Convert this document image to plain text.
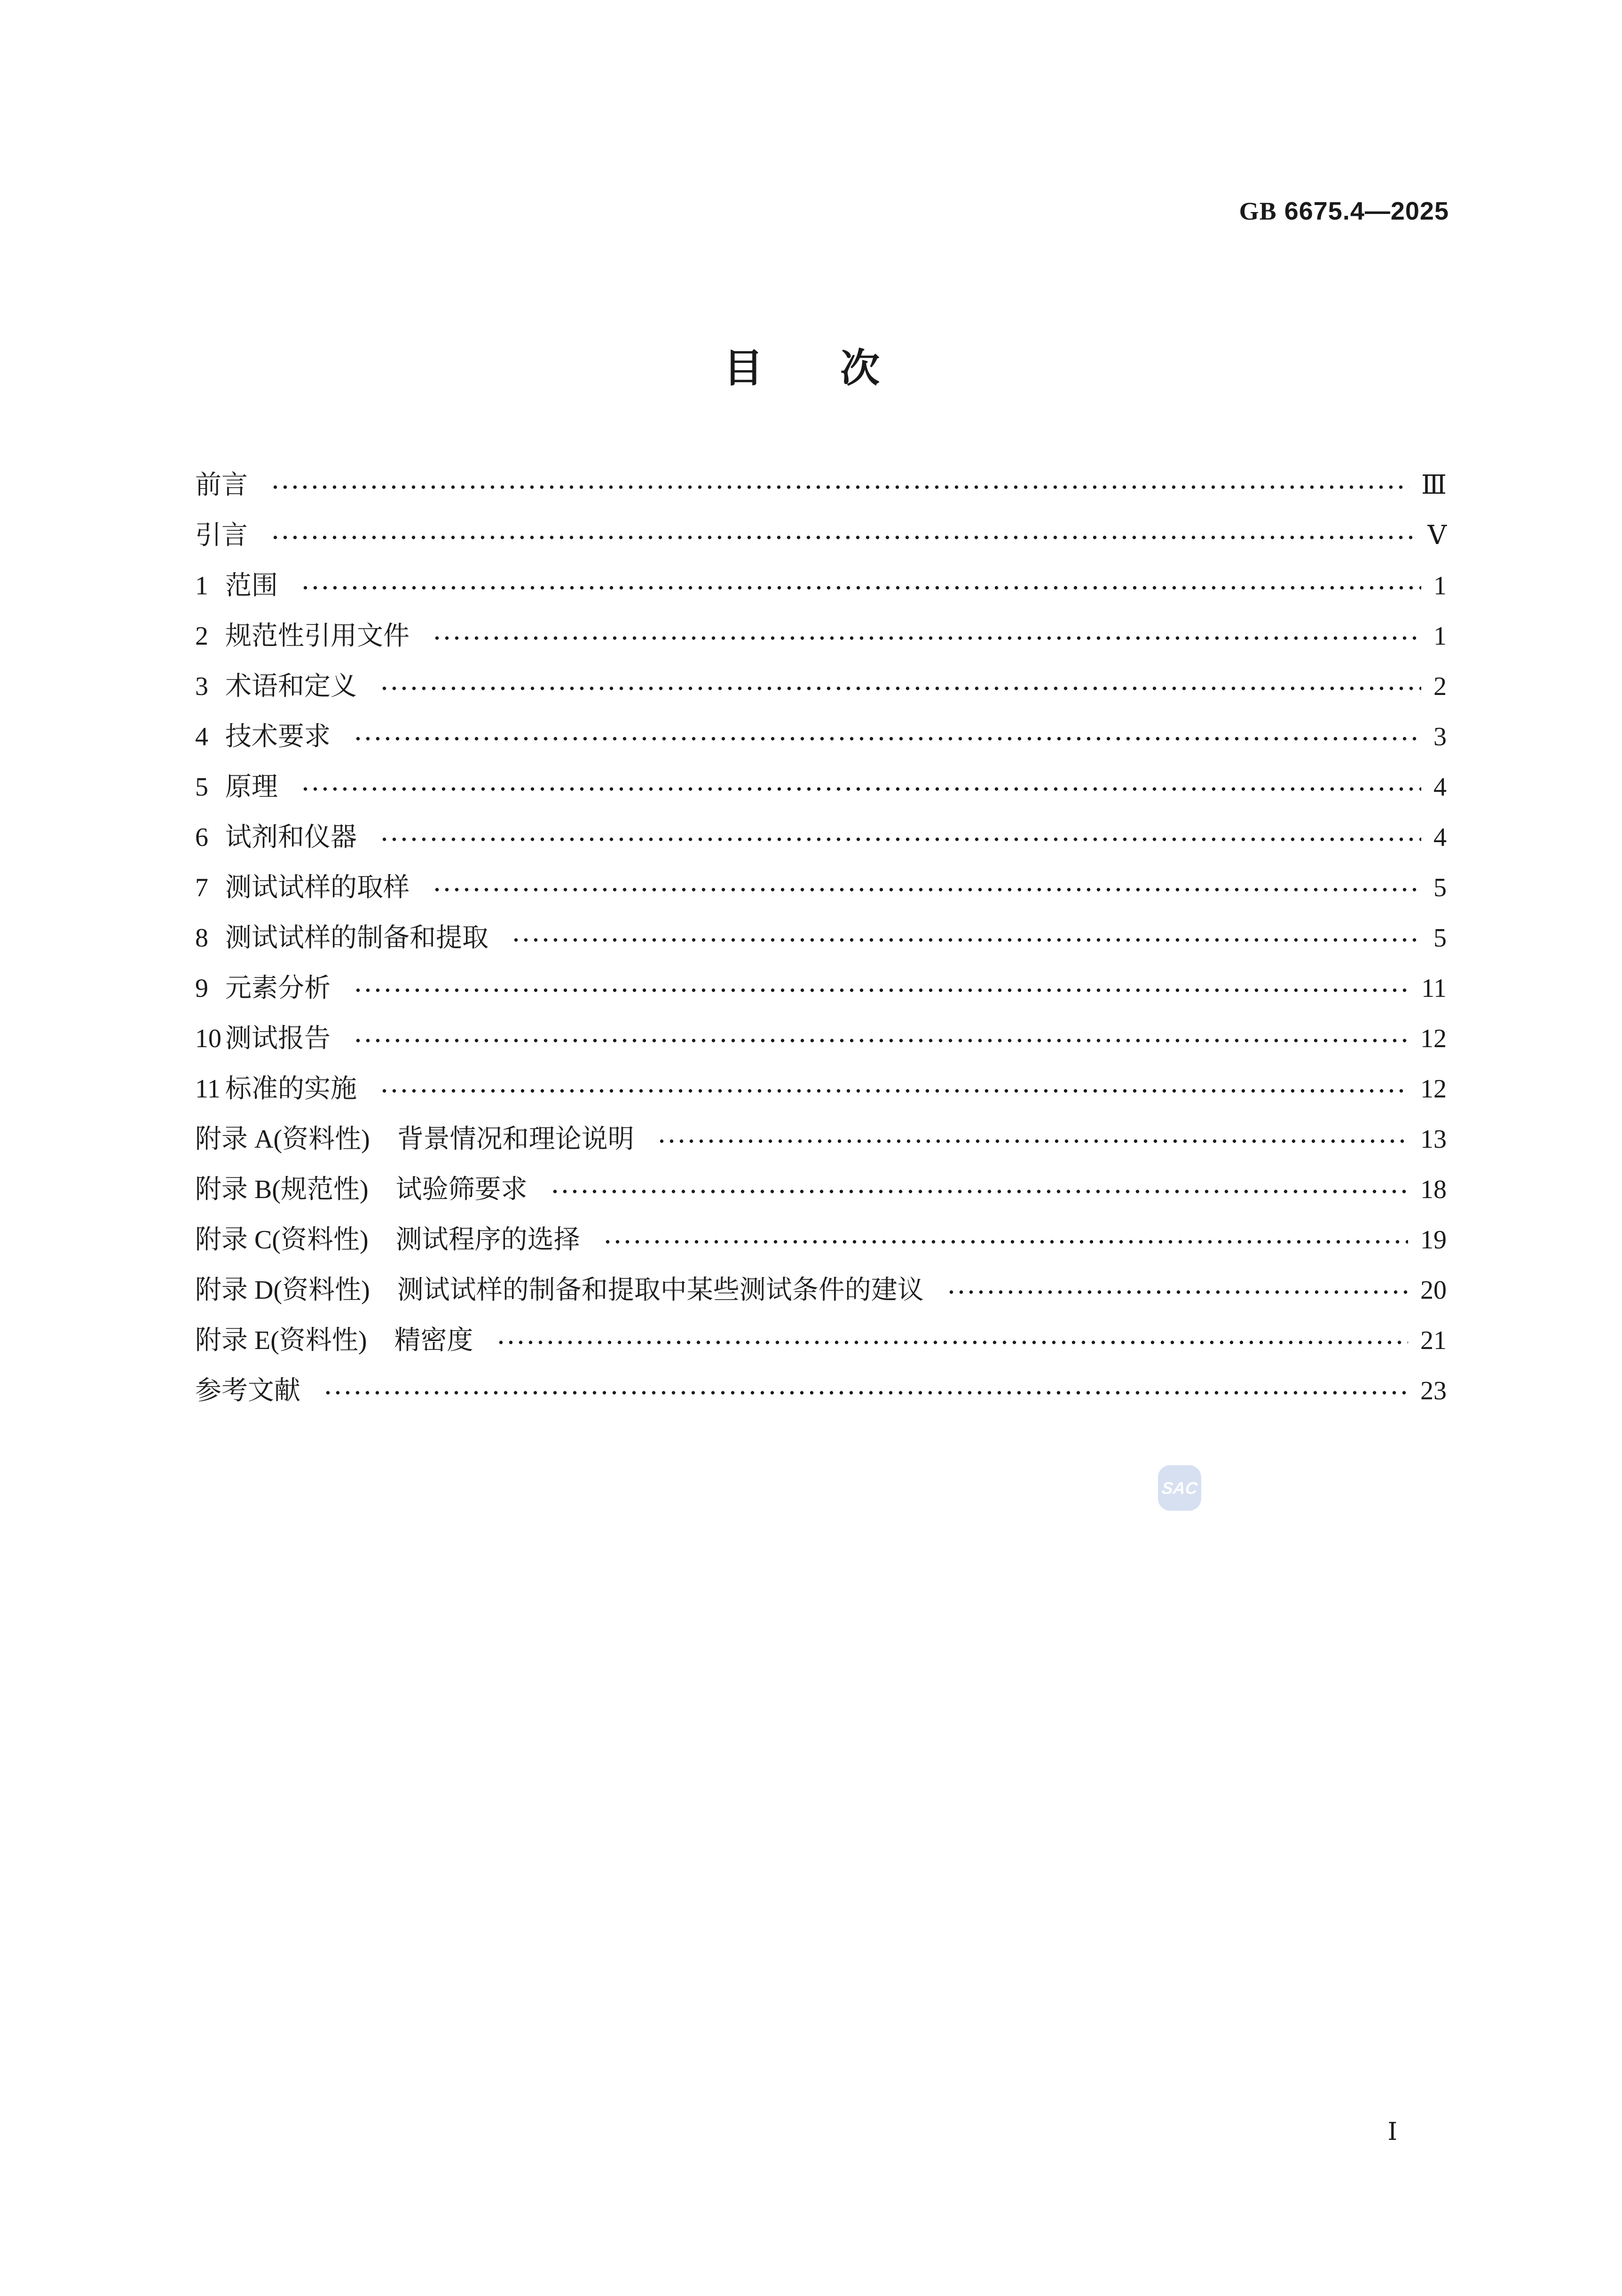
GB 6675.4—2025
目　次
前言	Ⅲ
引言	Ⅴ
1 范围	1
2 规范性引用文件	1
3 术语和定义	2
4 技术要求	3
5 原理	4
6 试剂和仪器	4
7 测试试样的取样	5
8 测试试样的制备和提取	5
9 元素分析	11
10 测试报告	12
11 标准的实施	12
附录 A(资料性) 背景情况和理论说明	13
附录 B(规范性) 试验筛要求	18
附录 C(资料性) 测试程序的选择	19
附录 D(资料性) 测试试样的制备和提取中某些测试条件的建议	20
附录 E(资料性) 精密度	21
参考文献	23
SAC
Ⅰ
